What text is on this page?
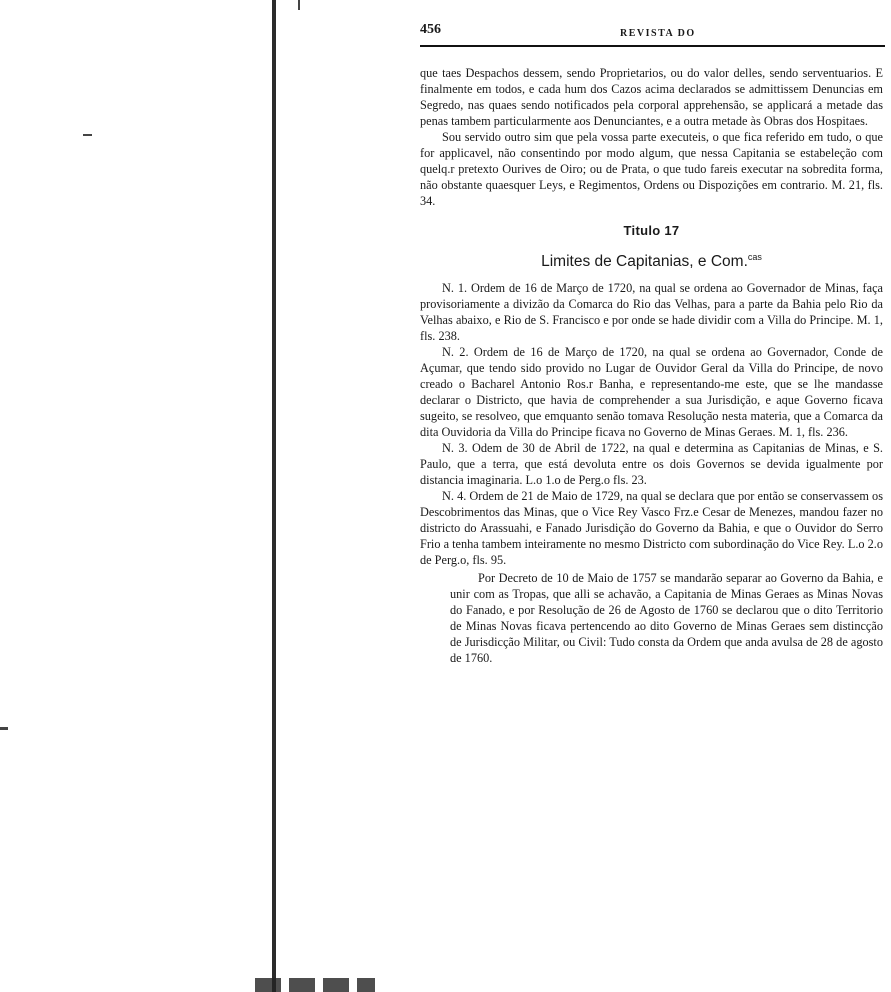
456	REVISTA DO

que taes Despachos dessem, sendo Proprietarios, ou do valor delles, sendo serventuarios. E finalmente em todos, e cada hum dos Cazos acima declarados se admittissem Denuncias em Segredo, nas quaes sendo notificados pela corporal apprehensão, se applicará a metade das penas tambem particularmente aos Denunciantes, e a outra metade às Obras dos Hospitaes.

Sou servido outro sim que pela vossa parte executeis, o que fica referido em tudo, o que for applicavel, não consentindo por modo algum, que nessa Capitania se estabeleção com quelq.r pretexto Ourives de Oiro; ou de Prata, o que tudo fareis executar na sobredita forma, não obstante quaesquer Leys, e Regimentos, Ordens ou Dispozições em contrario. M. 21, fls. 34.

Titulo 17
Limites de Capitanias, e Com.$^{cas}$

N. 1. Ordem de 16 de Março de 1720, na qual se ordena ao Governador de Minas, faça provisoriamente a divizão da Comarca do Rio das Velhas, para a parte da Bahia pelo Rio da Velhas abaixo, e Rio de S. Francisco e por onde se hade dividir com a Villa do Principe. M. 1, fls. 238.

N. 2. Ordem de 16 de Março de 1720, na qual se ordena ao Governador, Conde de Açumar, que tendo sido provido no Lugar de Ouvidor Geral da Villa do Principe, de novo creado o Bacharel Antonio Ros.r Banha, e representando-me este, que se lhe mandasse declarar o Districto, que havia de comprehender a sua Jurisdição, e aque Governo ficava sugeito, se resolveo, que emquanto senão tomava Resolução nesta materia, que a Comarca da dita Ouvidoria da Villa do Principe ficava no Governo de Minas Geraes. M. 1, fls. 236.

N. 3. Odem de 30 de Abril de 1722, na qual e determina as Capitanias de Minas, e S. Paulo, que a terra, que está devoluta entre os dois Governos se devida igualmente por distancia imaginaria. L.o 1.o de Perg.o fls. 23.

N. 4. Ordem de 21 de Maio de 1729, na qual se declara que por então se conservassem os Descobrimentos das Minas, que o Vice Rey Vasco Frz.e Cesar de Menezes, mandou fazer no districto do Arassuahi, e Fanado Jurisdição do Governo da Bahia, e que o Ouvidor do Serro Frio a tenha tambem inteiramente no mesmo Districto com subordinação do Vice Rey. L.o 2.o de Perg.o, fls. 95.

Por Decreto de 10 de Maio de 1757 se mandarão separar ao Governo da Bahia, e unir com as Tropas, que alli se achavão, a Capitania de Minas Geraes as Minas Novas do Fanado, e por Resolução de 26 de Agosto de 1760 se declarou que o dito Territorio de Minas Novas ficava pertencendo ao dito Governo de Minas Geraes sem distincção de Jurisdicção Militar, ou Civil: Tudo consta da Ordem que anda avulsa de 28 de agosto de 1760.
